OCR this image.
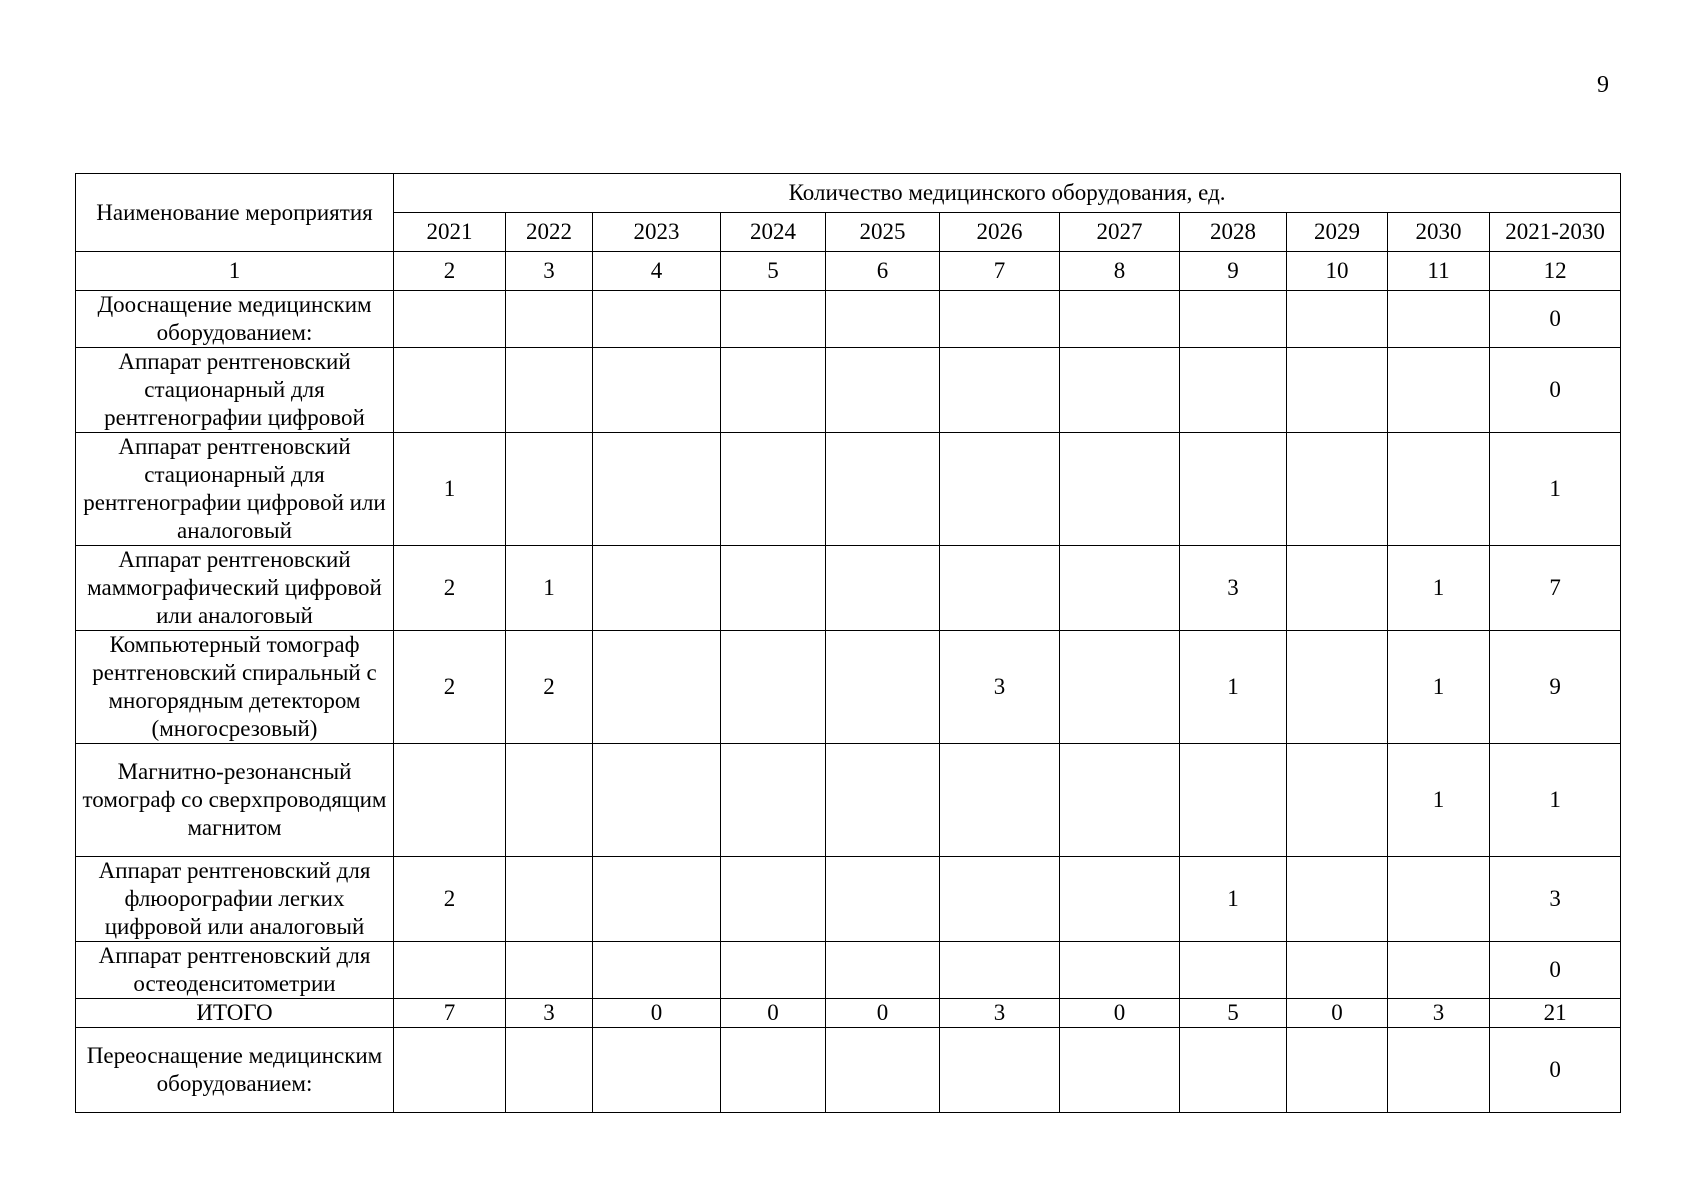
9
Наименование мероприятия	Количество медицинского оборудования, ед.										
	2021	2022	2023	2024	2025	2026	2027	2028	2029	2030	2021-2030
1	2	3	4	5	6	7	8	9	10	11	12
Дооснащение медицинским оборудованием:											0
Аппарат рентгеновский стационарный для рентгенографии цифровой											0
Аппарат рентгеновский стационарный для рентгенографии цифровой или аналоговый	1										1
Аппарат рентгеновский маммографический цифровой или аналоговый	2	1						3		1	7
Компьютерный томограф рентгеновский спиральный с многорядным детектором (многосрезовый)	2	2				3		1		1	9
Магнитно-резонансный томограф со сверхпроводящим магнитом										1	1
Аппарат рентгеновский для флюорографии легких цифровой или аналоговый	2							1			3
Аппарат рентгеновский для остеоденситометрии											0
ИТОГО	7	3	0	0	0	3	0	5	0	3	21
Переоснащение медицинским оборудованием:											0
